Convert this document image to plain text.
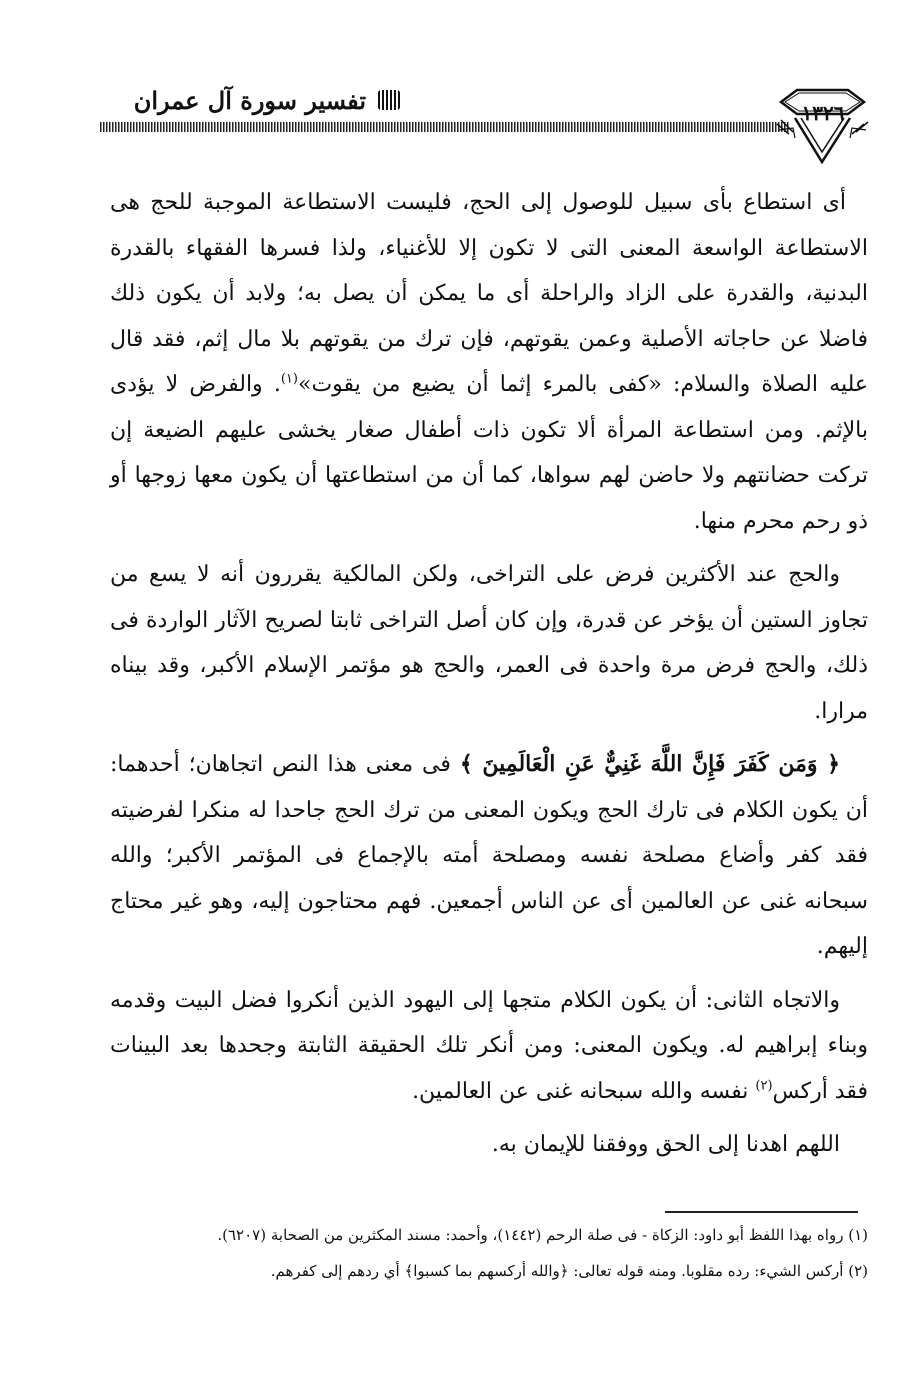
تفسير سورة آل عمران	١٣٢٦

أى استطاع بأى سبيل للوصول إلى الحج، فليست الاستطاعة الموجبة للحج هى الاستطاعة الواسعة المعنى التى لا تكون إلا للأغنياء، ولذا فسرها الفقهاء بالقدرة البدنية، والقدرة على الزاد والراحلة أى ما يمكن أن يصل به؛ ولابد أن يكون ذلك فاضلا عن حاجاته الأصلية وعمن يقوتهم، فإن ترك من يقوتهم بلا مال إثم، فقد قال عليه الصلاة والسلام: «كفى بالمرء إثما أن يضيع من يقوت»$^{(١)}$. والفرض لا يؤدى بالإثم. ومن استطاعة المرأة ألا تكون ذات أطفال صغار يخشى عليهم الضيعة إن تركت حضانتهم ولا حاضن لهم سواها، كما أن من استطاعتها أن يكون معها زوجها أو ذو رحم محرم منها.

والحج عند الأكثرين فرض على التراخى، ولكن المالكية يقررون أنه لا يسع من تجاوز الستين أن يؤخر عن قدرة، وإن كان أصل التراخى ثابتا لصريح الآثار الواردة فى ذلك، والحج فرض مرة واحدة فى العمر، والحج هو مؤتمر الإسلام الأكبر، وقد بيناه مرارا.

﴿ وَمَن كَفَرَ فَإِنَّ اللَّهَ غَنِيٌّ عَنِ الْعَالَمِينَ ﴾ فى معنى هذا النص اتجاهان؛ أحدهما: أن يكون الكلام فى تارك الحج ويكون المعنى من ترك الحج جاحدا له منكرا لفرضيته فقد كفر وأضاع مصلحة نفسه ومصلحة أمته بالإجماع فى المؤتمر الأكبر؛ والله سبحانه غنى عن العالمين أى عن الناس أجمعين. فهم محتاجون إليه، وهو غير محتاج إليهم.

والاتجاه الثانى: أن يكون الكلام متجها إلى اليهود الذين أنكروا فضل البيت وقدمه وبناء إبراهيم له. ويكون المعنى: ومن أنكر تلك الحقيقة الثابتة وجحدها بعد البينات فقد أركس$^{(٢)}$ نفسه والله سبحانه غنى عن العالمين.

اللهم اهدنا إلى الحق ووفقنا للإيمان به.

(١) رواه بهذا اللفظ أبو داود: الزكاة - فى صلة الرحم (١٤٤٢)، وأحمد: مسند المكثرين من الصحابة (٦٢٠٧).

(٢) أركس الشيء: رده مقلوبا. ومنه قوله تعالى: ﴿والله أركسهم بما كسبوا﴾ أي ردهم إلى كفرهم.
